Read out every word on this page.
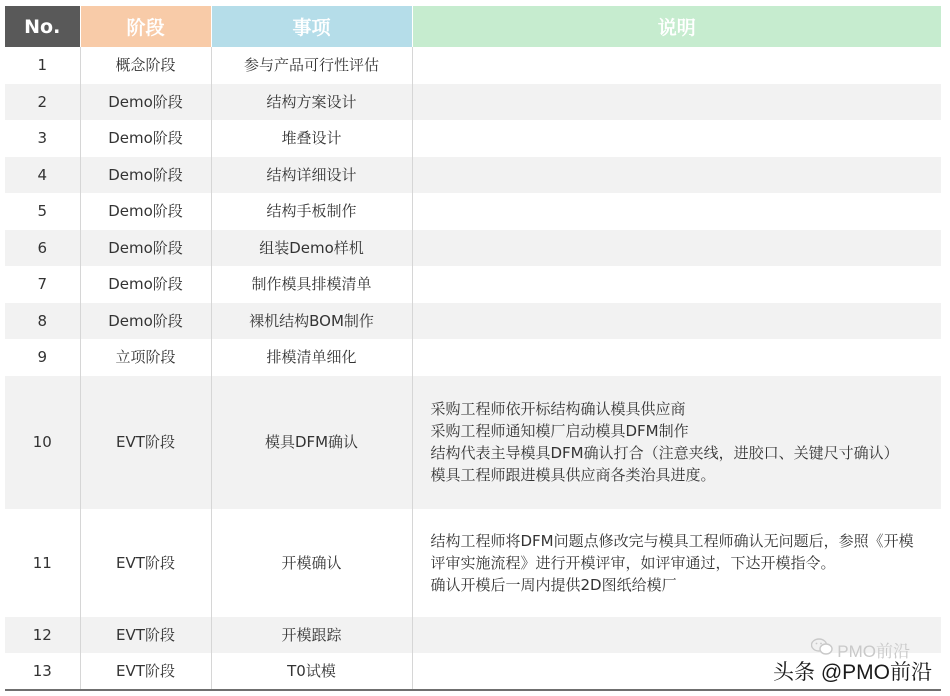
No.	阶段	事项	说明
1	概念阶段	参与产品可行性评估	
2	Demo阶段	结构方案设计	
3	Demo阶段	堆叠设计	
4	Demo阶段	结构详细设计	
5	Demo阶段	结构手板制作	
6	Demo阶段	组装Demo样机	
7	Demo阶段	制作模具排模清单	
8	Demo阶段	裸机结构BOM制作	
9	立项阶段	排模清单细化	
10	EVT阶段	模具DFM确认	采购工程师依开标结构确认模具供应商
采购工程师通知模厂启动模具DFM制作
结构代表主导模具DFM确认打合（注意夹线，进胶口、关键尺寸确认）
模具工程师跟进模具供应商各类治具进度。

11	EVT阶段	开模确认	结构工程师将DFM问题点修改完与模具工程师确认无问题后，参照《开模评审实施流程》进行开模评审，如评审通过，下达开模指令。
确认开模后一周内提供2D图纸给模厂

12	EVT阶段	开模跟踪	
13	EVT阶段	T0试模	
PMO前沿
头条 @PMO前沿
